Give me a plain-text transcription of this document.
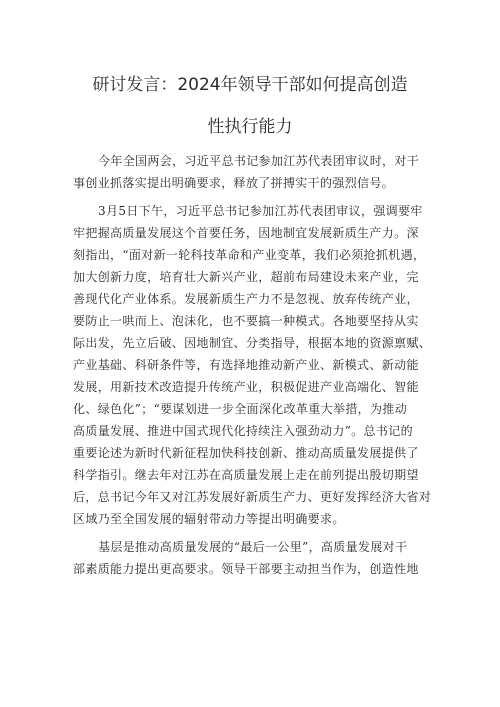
研讨发言：2024年领导干部如何提高创造
性执行能力
今年全国两会，习近平总书记参加江苏代表团审议时，对干
事创业抓落实提出明确要求，释放了拼搏实干的强烈信号。
3月5日下午，习近平总书记参加江苏代表团审议，强调要牢
牢把握高质量发展这个首要任务，因地制宜发展新质生产力。深
刻指出，“面对新一轮科技革命和产业变革，我们必须抢抓机遇，
加大创新力度，培育壮大新兴产业，超前布局建设未来产业，完
善现代化产业体系。发展新质生产力不是忽视、放弃传统产业，
要防止一哄而上、泡沫化，也不要搞一种模式。各地要坚持从实
际出发，先立后破、因地制宜、分类指导，根据本地的资源禀赋、
产业基础、科研条件等，有选择地推动新产业、新模式、新动能
发展，用新技术改造提升传统产业，积极促进产业高端化、智能
化、绿色化”；“要谋划进一步全面深化改革重大举措，为推动
高质量发展、推进中国式现代化持续注入强劲动力”。总书记的
重要论述为新时代新征程加快科技创新、推动高质量发展提供了
科学指引。继去年对江苏在高质量发展上走在前列提出殷切期望
后，总书记今年又对江苏发展好新质生产力、更好发挥经济大省对
区域乃至全国发展的辐射带动力等提出明确要求。
基层是推动高质量发展的“最后一公里”，高质量发展对干
部素质能力提出更高要求。领导干部要主动担当作为，创造性地
